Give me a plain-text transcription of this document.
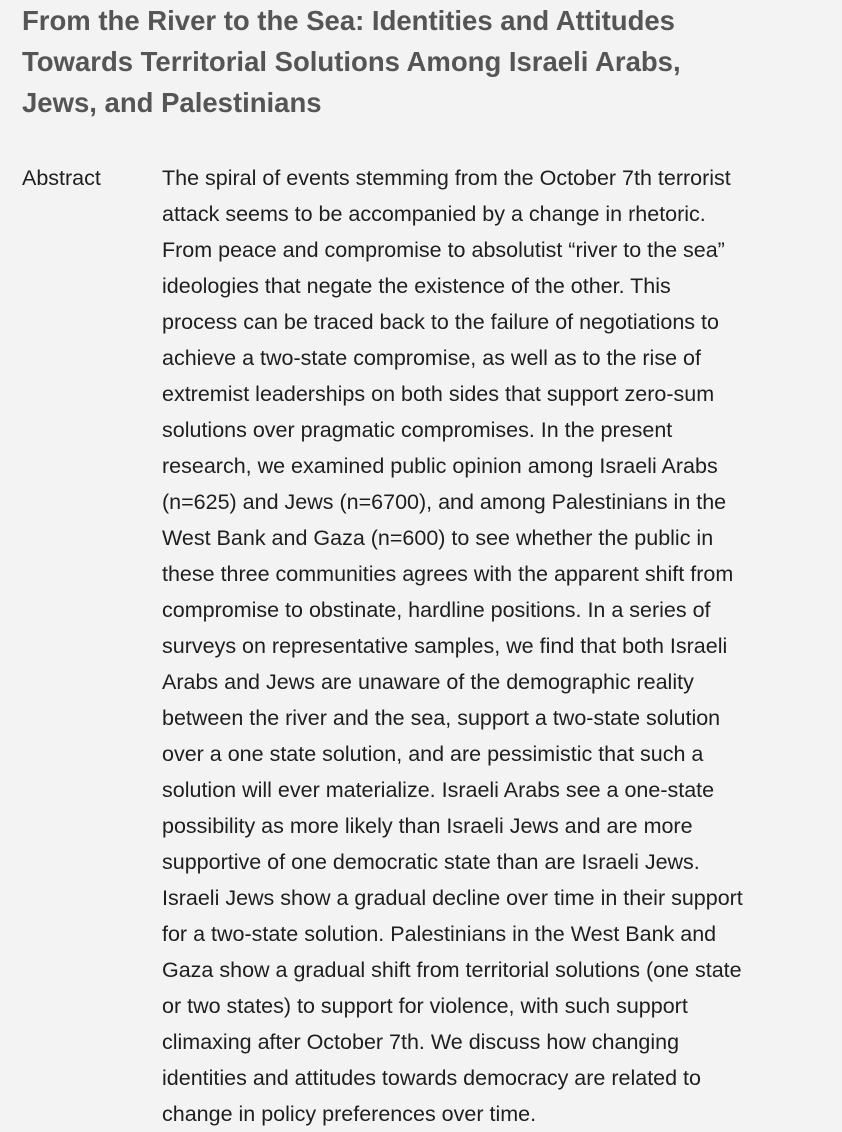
From the River to the Sea: Identities and Attitudes
Towards Territorial Solutions Among Israeli Arabs,
Jews, and Palestinians
Abstract	The spiral of events stemming from the October 7th terrorist
attack seems to be accompanied by a change in rhetoric.
From peace and compromise to absolutist “river to the sea”
ideologies that negate the existence of the other. This
process can be traced back to the failure of negotiations to
achieve a two-state compromise, as well as to the rise of
extremist leaderships on both sides that support zero-sum
solutions over pragmatic compromises. In the present
research, we examined public opinion among Israeli Arabs
(n=625) and Jews (n=6700), and among Palestinians in the
West Bank and Gaza (n=600) to see whether the public in
these three communities agrees with the apparent shift from
compromise to obstinate, hardline positions. In a series of
surveys on representative samples, we find that both Israeli
Arabs and Jews are unaware of the demographic reality
between the river and the sea, support a two-state solution
over a one state solution, and are pessimistic that such a
solution will ever materialize. Israeli Arabs see a one-state
possibility as more likely than Israeli Jews and are more
supportive of one democratic state than are Israeli Jews.
Israeli Jews show a gradual decline over time in their support
for a two-state solution. Palestinians in the West Bank and
Gaza show a gradual shift from territorial solutions (one state
or two states) to support for violence, with such support
climaxing after October 7th. We discuss how changing
identities and attitudes towards democracy are related to
change in policy preferences over time.
